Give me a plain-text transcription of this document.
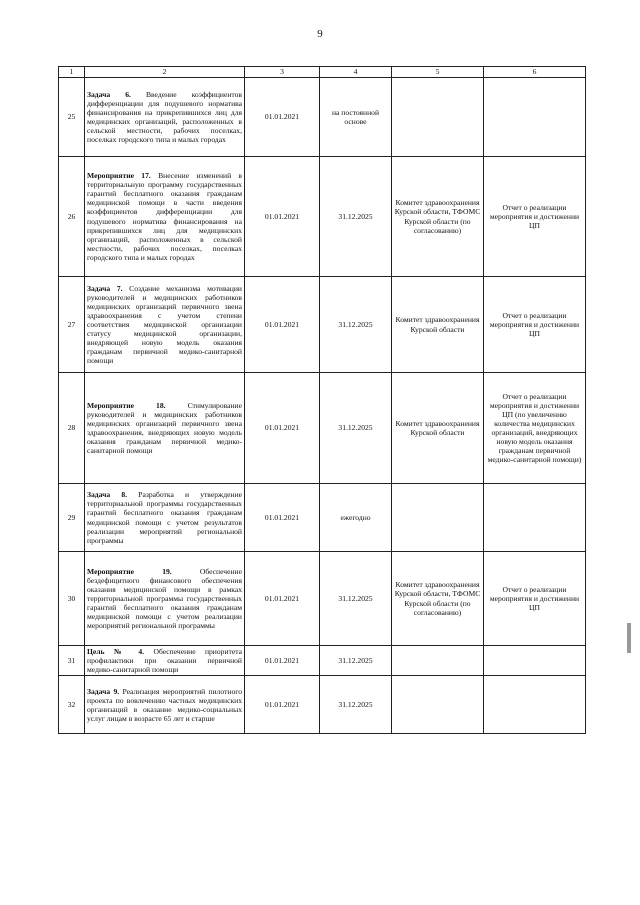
9
1	2	3	4	5	6
25	Задача 6. Введение коэффициентов дифференциации для подушевого норматива финансирования на прикрепившихся лиц для медицинских организаций, расположенных в сельской местности, рабочих поселках, поселках городского типа и малых городах	01.01.2021	на постоянной основе		
26	Мероприятие 17. Внесение изменений в территориальную программу государственных гарантий бесплатного оказания гражданам медицинской помощи в части введения коэффициентов дифференциации для подушевого норматива финансирования на прикрепившихся лиц для медицинских организаций, расположенных в сельской местности, рабочих поселках, поселках городского типа и малых городах	01.01.2021	31.12.2025	Комитет здравоохранения Курской области, ТФОМС Курской области (по согласованию)	Отчет о реализации мероприятия и достижении ЦП
27	Задача 7. Создание механизма мотивации руководителей и медицинских работников медицинских организаций первичного звена здравоохранения с учетом степени соответствия медицинской организации статусу медицинской организации, внедряющей новую модель оказания гражданам первичной медико-санитарной помощи	01.01.2021	31.12.2025	Комитет здравоохранения Курской области	Отчет о реализации мероприятия и достижении ЦП
28	Мероприятие 18. Стимулирование руководителей и медицинских работников медицинских организаций первичного звена здравоохранения, внедряющих новую модель оказания гражданам первичной медико-санитарной помощи	01.01.2021	31.12.2025	Комитет здравоохранения Курской области	Отчет о реализации мероприятия и достижении ЦП (по увеличению количества медицинских организаций, внедряющих новую модель оказания гражданам первичной медико-санитарной помощи)
29	Задача 8. Разработка и утверждение территориальной программы государственных гарантий бесплатного оказания гражданам медицинской помощи с учетом результатов реализации мероприятий региональной программы	01.01.2021	ежегодно		
30	Мероприятие 19. Обеспечение бездефицитного финансового обеспечения оказания медицинской помощи в рамках территориальной программы государственных гарантий бесплатного оказания гражданам медицинской помощи с учетом реализации мероприятий региональной программы	01.01.2021	31.12.2025	Комитет здравоохранения Курской области, ТФОМС Курской области (по согласованию)	Отчет о реализации мероприятия и достижении ЦП
31	Цель № 4. Обеспечение приоритета профилактики при оказании первичной медико-санитарной помощи	01.01.2021	31.12.2025		
32	Задача 9. Реализация мероприятий пилотного проекта по вовлечению частных медицинских организаций в оказание медико-социальных услуг лицам в возрасте 65 лет и старше	01.01.2021	31.12.2025		
